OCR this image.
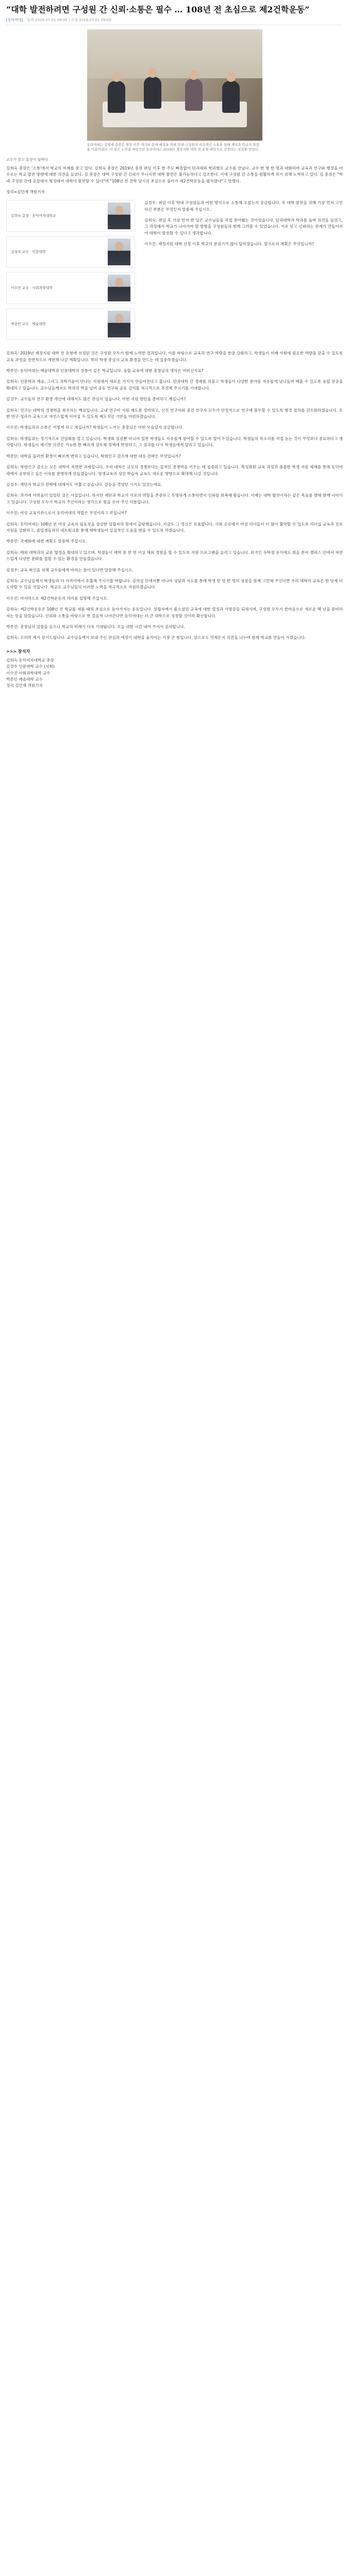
“대학 발전하려면 구성원 간 신뢰·소통은 필수 … 108년 전 초심으로 제2건학운동”
[동덕여대] 입력 2019.07.01 09:00 | 수정 2019.07.01 09:00
동덕여대는 김명애 총장은 취임 이후 제기된 문제 해결을 위해 학내 구성원과 지속적인 소통을 통해 재단과 학교의 화합을 이끌어냈다. 이 같은 노력을 바탕으로 동덕여대는 2019년 재정지원 대학 전 유형 대학으로 선정되는 성과를 얻었다.
교수가 묻고 총장이 답하다

김희숙 총장은 '소통'에서 학교의 미래를 찾고 있다. 김희숙 총장은 2019년 총장 취임 이후 한 주도 빠짐없이 단과대와 학과별로 교수를 만났다. 교수 한 명 한 명과 대화하며 교육과 연구와 행정을 아우르는 학교 발전 방향에 대한 의견을 들었다. 김 총장은 대학 구성원 간 신뢰가 무너지면 대학 발전은 불가능하다고 강조한다. 이에 구성원 간 소통을 원활하게 하기 위해 노력하고 있다. 김 총장은 "학내 구성원 간에 공감대가 형성돼야 대학이 발전할 수 있다"며 "108년 전 건학 당시의 초심으로 돌아가 제2건학운동을 펼치겠다"고 말했다.

정리=김민재 객원기자
김희숙 총장 · 동덕여자대학교
김정우 교수 · 인문대학
이수진 교수 · 사회과학대학
박종민 교수 · 예술대학

김정우: 취임 이후 학내 구성원들과 어떤 방식으로 소통해 오셨는지 궁금합니다. 또 대학 발전을 위해 가장 먼저 고민하신 부분은 무엇인지 말씀해 주십시오.

김희숙: 취임 후 가장 먼저 한 일은 교수님들을 직접 찾아뵙는 것이었습니다. 단과대학과 학과를 돌며 의견을 들었고, 그 과정에서 학교가 나아가야 할 방향을 구성원들과 함께 그려볼 수 있었습니다. 서로 믿고 신뢰하는 관계가 만들어져야 대학이 발전할 수 있다고 생각합니다.

이수진: 재정지원 대학 선정 이후 학교의 분위기가 많이 달라졌습니다. 앞으로의 계획은 무엇입니까?

김희숙: 2019년 재정지원 대학 전 유형에 선정된 것은 구성원 모두가 함께 노력한 결과입니다. 이를 바탕으로 교육과 연구 역량을 한층 강화하고, 학생들이 미래 사회에 필요한 역량을 갖출 수 있도록 교육 과정을 전면적으로 개편해 나갈 계획입니다. 특히 학생 중심의 교육 환경을 만드는 데 집중하겠습니다.

박종민: 동덕여대는 예술대학과 인문대학의 전통이 깊은 학교입니다. 융합 교육에 대한 총장님의 생각은 어떠신지요?

김희숙: 인문학과 예술, 그리고 과학기술이 만나는 지점에서 새로운 가치가 만들어진다고 봅니다. 단과대학 간 경계를 허물고 학생들이 다양한 분야를 자유롭게 넘나들며 배울 수 있도록 융합 전공을 확대하고 있습니다. 교수님들께서도 학과의 벽을 넘어 공동 연구와 공동 강의를 적극적으로 추진해 주시기를 기대합니다.

김정우: 교수들의 연구 환경 개선에 대해서도 많은 관심이 있습니다. 어떤 지원 방안을 준비하고 계십니까?

김희숙: 연구는 대학의 경쟁력을 좌우하는 핵심입니다. 교내 연구비 지원 제도를 정비하고, 신진 연구자와 중견 연구자 모두가 안정적으로 연구에 몰두할 수 있도록 행정 절차를 간소화하겠습니다. 또한 연구 성과가 교육으로 자연스럽게 이어질 수 있도록 제도적인 기반을 마련하겠습니다.

이수진: 학생들과의 소통은 어떻게 하고 계십니까? 학생들이 느끼는 총장님은 어떤 모습일지 궁금합니다.

김희숙: 학생들과는 정기적으로 간담회를 열고 있습니다. 학생회 임원뿐 아니라 일반 학생들도 자유롭게 참여할 수 있도록 열어 두었습니다. 학생들의 목소리를 직접 듣는 것이 무엇보다 중요하다고 생각합니다. 학생들이 제기한 의견은 가능한 한 빠르게 검토해 정책에 반영하고, 그 결과를 다시 학생들에게 알리고 있습니다.

박종민: 대학을 둘러싼 환경이 빠르게 변하고 있습니다. 학령인구 감소에 대한 대응 전략은 무엇입니까?

김희숙: 학령인구 감소는 모든 대학이 직면한 과제입니다. 우리 대학은 규모의 경쟁보다는 질적인 경쟁력을 키우는 데 집중하고 있습니다. 특성화된 교육 과정과 촘촘한 학생 지원 체계를 통해 동덕여대에서 공부하고 싶은 이유를 분명하게 만들겠습니다. 평생교육과 성인 학습자 교육도 새로운 방향으로 확대해 나갈 것입니다.

김정우: 재단과 학교의 관계에 대해서도 여쭙고 싶습니다. 갈등을 겪었던 시기도 있었는데요.

김희숙: 과거에 어려움이 있었던 것은 사실입니다. 하지만 재단과 학교가 서로의 역할을 존중하고 투명하게 소통하면서 신뢰를 회복해 왔습니다. 이제는 대학 발전이라는 같은 목표를 향해 함께 나아가고 있습니다. 구성원 모두가 학교의 주인이라는 생각으로 힘을 모아 주신 덕분입니다.

이수진: 여성 교육기관으로서 동덕여대의 역할은 무엇이라고 보십니까?

김희숙: 동덕여대는 108년 전 여성 교육의 필요성을 절감한 설립자의 뜻에서 출발했습니다. 지금도 그 정신은 유효합니다. 사회 곳곳에서 여성 리더들이 더 많이 활약할 수 있도록 리더십 교육과 진로 지원을 강화하고, 졸업생들과의 네트워크를 통해 재학생들이 실질적인 도움을 받을 수 있도록 하겠습니다.

박종민: 국제화에 대한 계획도 말씀해 주십시오.

김희숙: 해외 대학과의 교류 협정을 확대하고 있으며, 학생들이 재학 중 한 번 이상 해외 경험을 할 수 있도록 지원 프로그램을 늘리고 있습니다. 외국인 유학생 유치에도 힘을 쏟아 캠퍼스 안에서 자연스럽게 다양한 문화를 접할 수 있는 환경을 만들겠습니다.

김정우: 교육 혁신을 위해 교수들에게 바라는 점이 있다면 말씀해 주십시오.

김희숙: 교수님들께서 학생들과 더 가까이에서 호흡해 주시기를 바랍니다. 강의실 안에서뿐 아니라 상담과 지도를 통해 학생 한 명 한 명의 성장을 함께 고민해 주신다면 우리 대학의 교육은 한 단계 더 도약할 수 있을 것입니다. 학교도 교수님들의 이러한 노력을 적극적으로 지원하겠습니다.

이수진: 마지막으로 제2건학운동의 의미를 설명해 주십시오.

김희숙: 제2건학운동은 108년 전 학교를 세울 때의 초심으로 돌아가자는 운동입니다. 설립자께서 품으셨던 교육에 대한 열정과 사명감을 되새기며, 구성원 모두가 한마음으로 새로운 백 년을 준비하자는 뜻을 담았습니다. 신뢰와 소통을 바탕으로 한 걸음씩 나아간다면 동덕여대는 더 큰 대학으로 성장할 것이라 확신합니다.

박종민: 총장님의 말씀을 들으니 학교의 미래가 더욱 기대됩니다. 오늘 귀한 시간 내어 주셔서 감사합니다.

김희숙: 오히려 제가 감사드립니다. 교수님들께서 보내 주신 관심과 애정이 대학을 움직이는 가장 큰 힘입니다. 앞으로도 언제든지 의견을 나누며 함께 학교를 만들어 가겠습니다.

>>> 참석자
김희숙 동덕여자대학교 총장
김정우 인문대학 교수 (사회)
이수진 사회과학대학 교수
박종민 예술대학 교수
정리 김민재 객원기자
